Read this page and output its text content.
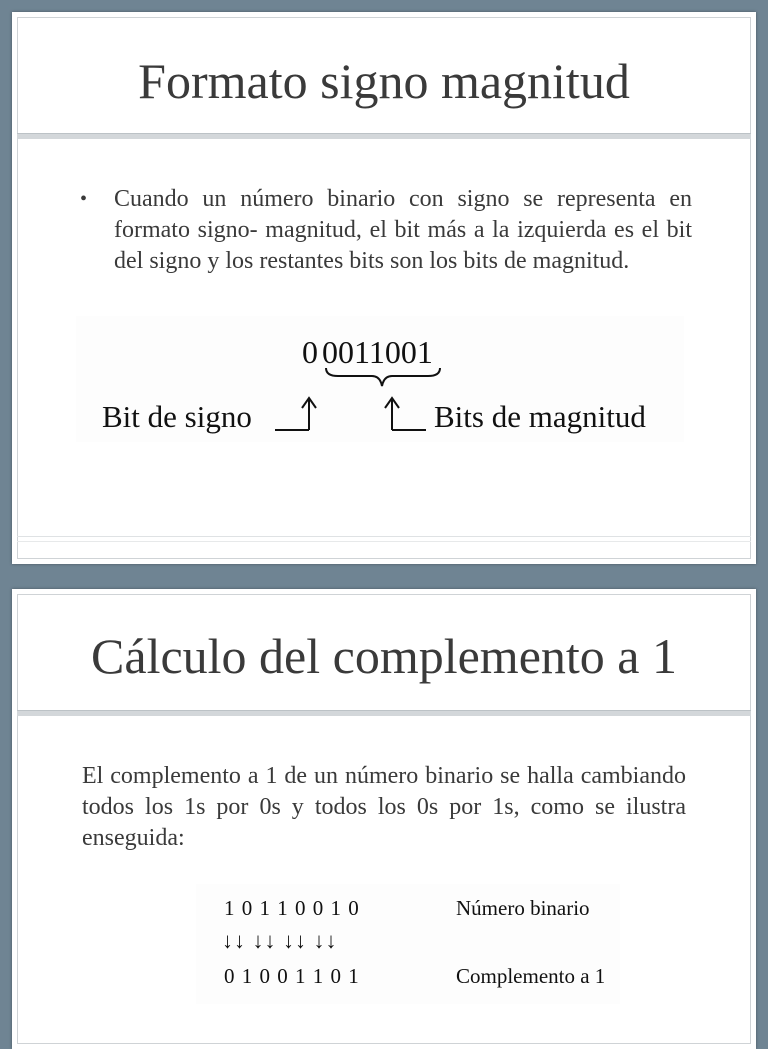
Formato signo magnitud
• Cuando un número binario con signo se representa en formato signo- magnitud, el bit más a la izquierda es el bit del signo y los restantes bits son los bits de magnitud.
0 0011001
Bit de signo	Bits de magnitud
Cálculo del complemento a 1
El complemento a 1 de un número binario se halla cambiando todos los 1s por 0s y todos los 0s por 1s, como se ilustra enseguida:
1 0 1 1 0 0 1 0
↓↓ ↓↓ ↓↓ ↓↓
0 1 0 0 1 1 0 1
Número binario
Complemento a 1
